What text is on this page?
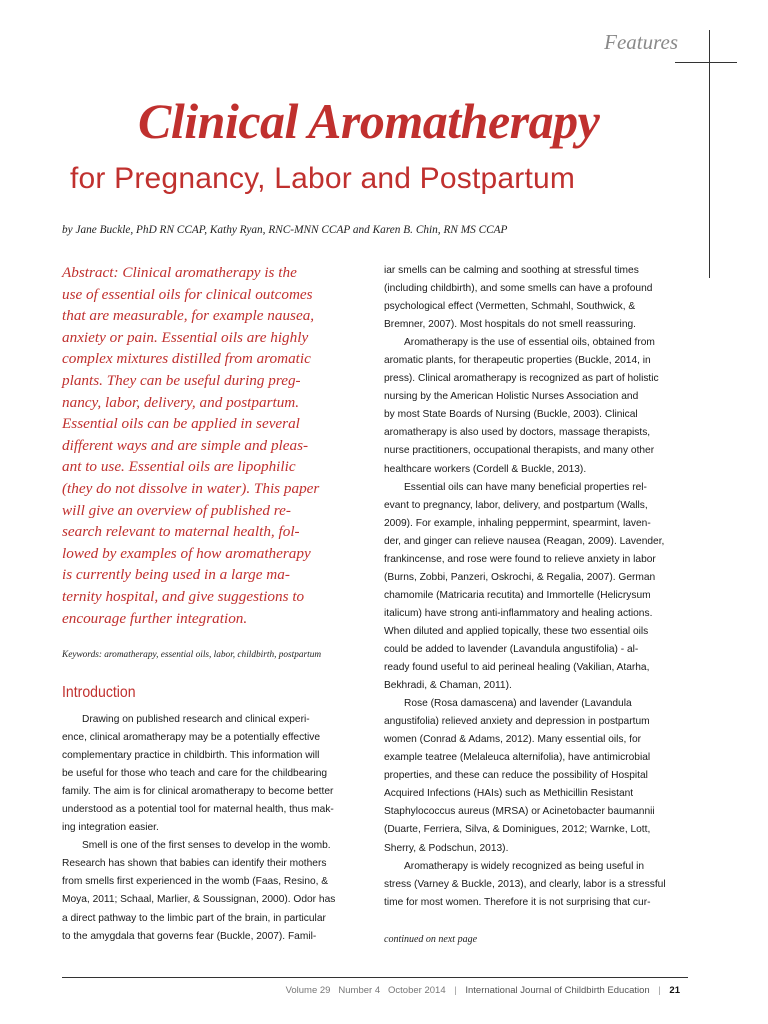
Features
Clinical Aromatherapy
for Pregnancy, Labor and Postpartum
by Jane Buckle, PhD RN CCAP, Kathy Ryan, RNC-MNN CCAP and Karen B. Chin, RN MS CCAP
Abstract: Clinical aromatherapy is the
use of essential oils for clinical outcomes
that are measurable, for example nausea,
anxiety or pain. Essential oils are highly
complex mixtures distilled from aromatic
plants. They can be useful during preg-
nancy, labor, delivery, and postpartum.
Essential oils can be applied in several
different ways and are simple and pleas-
ant to use. Essential oils are lipophilic
(they do not dissolve in water). This paper
will give an overview of published re-
search relevant to maternal health, fol-
lowed by examples of how aromatherapy
is currently being used in a large ma-
ternity hospital, and give suggestions to
encourage further integration.
Keywords: aromatherapy, essential oils, labor, childbirth, postpartum
Introduction
Drawing on published research and clinical experi-
ence, clinical aromatherapy may be a potentially effective
complementary practice in childbirth. This information will
be useful for those who teach and care for the childbearing
family. The aim is for clinical aromatherapy to become better
understood as a potential tool for maternal health, thus mak-
ing integration easier.
Smell is one of the first senses to develop in the womb.
Research has shown that babies can identify their mothers
from smells first experienced in the womb (Faas, Resino, &
Moya, 2011; Schaal, Marlier, & Soussignan, 2000). Odor has
a direct pathway to the limbic part of the brain, in particular
to the amygdala that governs fear (Buckle, 2007). Famil-
iar smells can be calming and soothing at stressful times
(including childbirth), and some smells can have a profound
psychological effect (Vermetten, Schmahl, Southwick, &
Bremner, 2007). Most hospitals do not smell reassuring.
Aromatherapy is the use of essential oils, obtained from
aromatic plants, for therapeutic properties (Buckle, 2014, in
press). Clinical aromatherapy is recognized as part of holistic
nursing by the American Holistic Nurses Association and
by most State Boards of Nursing (Buckle, 2003). Clinical
aromatherapy is also used by doctors, massage therapists,
nurse practitioners, occupational therapists, and many other
healthcare workers (Cordell & Buckle, 2013).
Essential oils can have many beneficial properties rel-
evant to pregnancy, labor, delivery, and postpartum (Walls,
2009). For example, inhaling peppermint, spearmint, laven-
der, and ginger can relieve nausea (Reagan, 2009). Lavender,
frankincense, and rose were found to relieve anxiety in labor
(Burns, Zobbi, Panzeri, Oskrochi, & Regalia, 2007). German
chamomile (Matricaria recutita) and Immortelle (Helicrysum
italicum) have strong anti-inflammatory and healing actions.
When diluted and applied topically, these two essential oils
could be added to lavender (Lavandula angustifolia) - al-
ready found useful to aid perineal healing (Vakilian, Atarha,
Bekhradi, & Chaman, 2011).
Rose (Rosa damascena) and lavender (Lavandula
angustifolia) relieved anxiety and depression in postpartum
women (Conrad & Adams, 2012). Many essential oils, for
example teatree (Melaleuca alternifolia), have antimicrobial
properties, and these can reduce the possibility of Hospital
Acquired Infections (HAIs) such as Methicillin Resistant
Staphylococcus aureus (MRSA) or Acinetobacter baumannii
(Duarte, Ferriera, Silva, & Dominigues, 2012; Warnke, Lott,
Sherry, & Podschun, 2013).
Aromatherapy is widely recognized as being useful in
stress (Varney & Buckle, 2013), and clearly, labor is a stressful
time for most women. Therefore it is not surprising that cur-
continued on next page
Volume 29 Number 4 October 2014 | International Journal of Childbirth Education | 21
